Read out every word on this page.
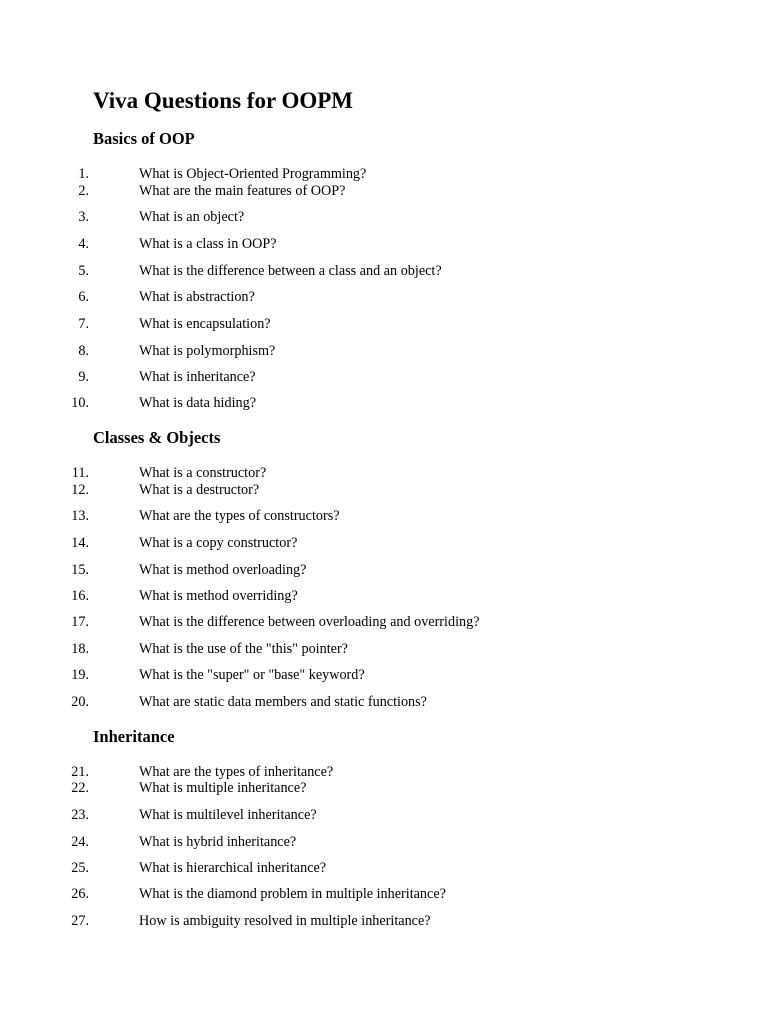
Viva Questions for OOPM
Basics of OOP
1.	What is Object-Oriented Programming?
2.	What are the main features of OOP?
3.	What is an object?
4.	What is a class in OOP?
5.	What is the difference between a class and an object?
6.	What is abstraction?
7.	What is encapsulation?
8.	What is polymorphism?
9.	What is inheritance?
10.	What is data hiding?
Classes & Objects
11.	What is a constructor?
12.	What is a destructor?
13.	What are the types of constructors?
14.	What is a copy constructor?
15.	What is method overloading?
16.	What is method overriding?
17.	What is the difference between overloading and overriding?
18.	What is the use of the "this" pointer?
19.	What is the "super" or "base" keyword?
20.	What are static data members and static functions?
Inheritance
21.	What are the types of inheritance?
22.	What is multiple inheritance?
23.	What is multilevel inheritance?
24.	What is hybrid inheritance?
25.	What is hierarchical inheritance?
26.	What is the diamond problem in multiple inheritance?
27.	How is ambiguity resolved in multiple inheritance?
